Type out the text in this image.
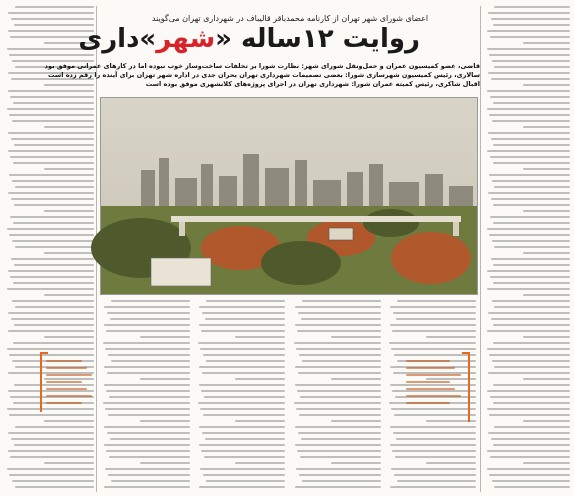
اعضای شورای شهر تهران از کارنامه محمدباقر قالیباف در شهرداری تهران می‌گویند
روایت ۱۲ساله «شهر»داری
قاضی، عضو کمیسیون عمران و حمل‌ونقل شورای شهر: نظارت شورا بر تخلفات ساخت‌وساز خوب نبوده اما در کارهای عمرانی موفق بود
سالاری، رئیس کمیسیون شهرسازی شورا: بعضی تصمیمات شهرداری تهران بحران جدی در اداره شهر تهران برای آینده را رقم زده است
اقبال شاکری، رئیس کمیته عمران شورا: شهرداری تهران در اجرای پروژه‌های کلانشهری موفق بوده است
